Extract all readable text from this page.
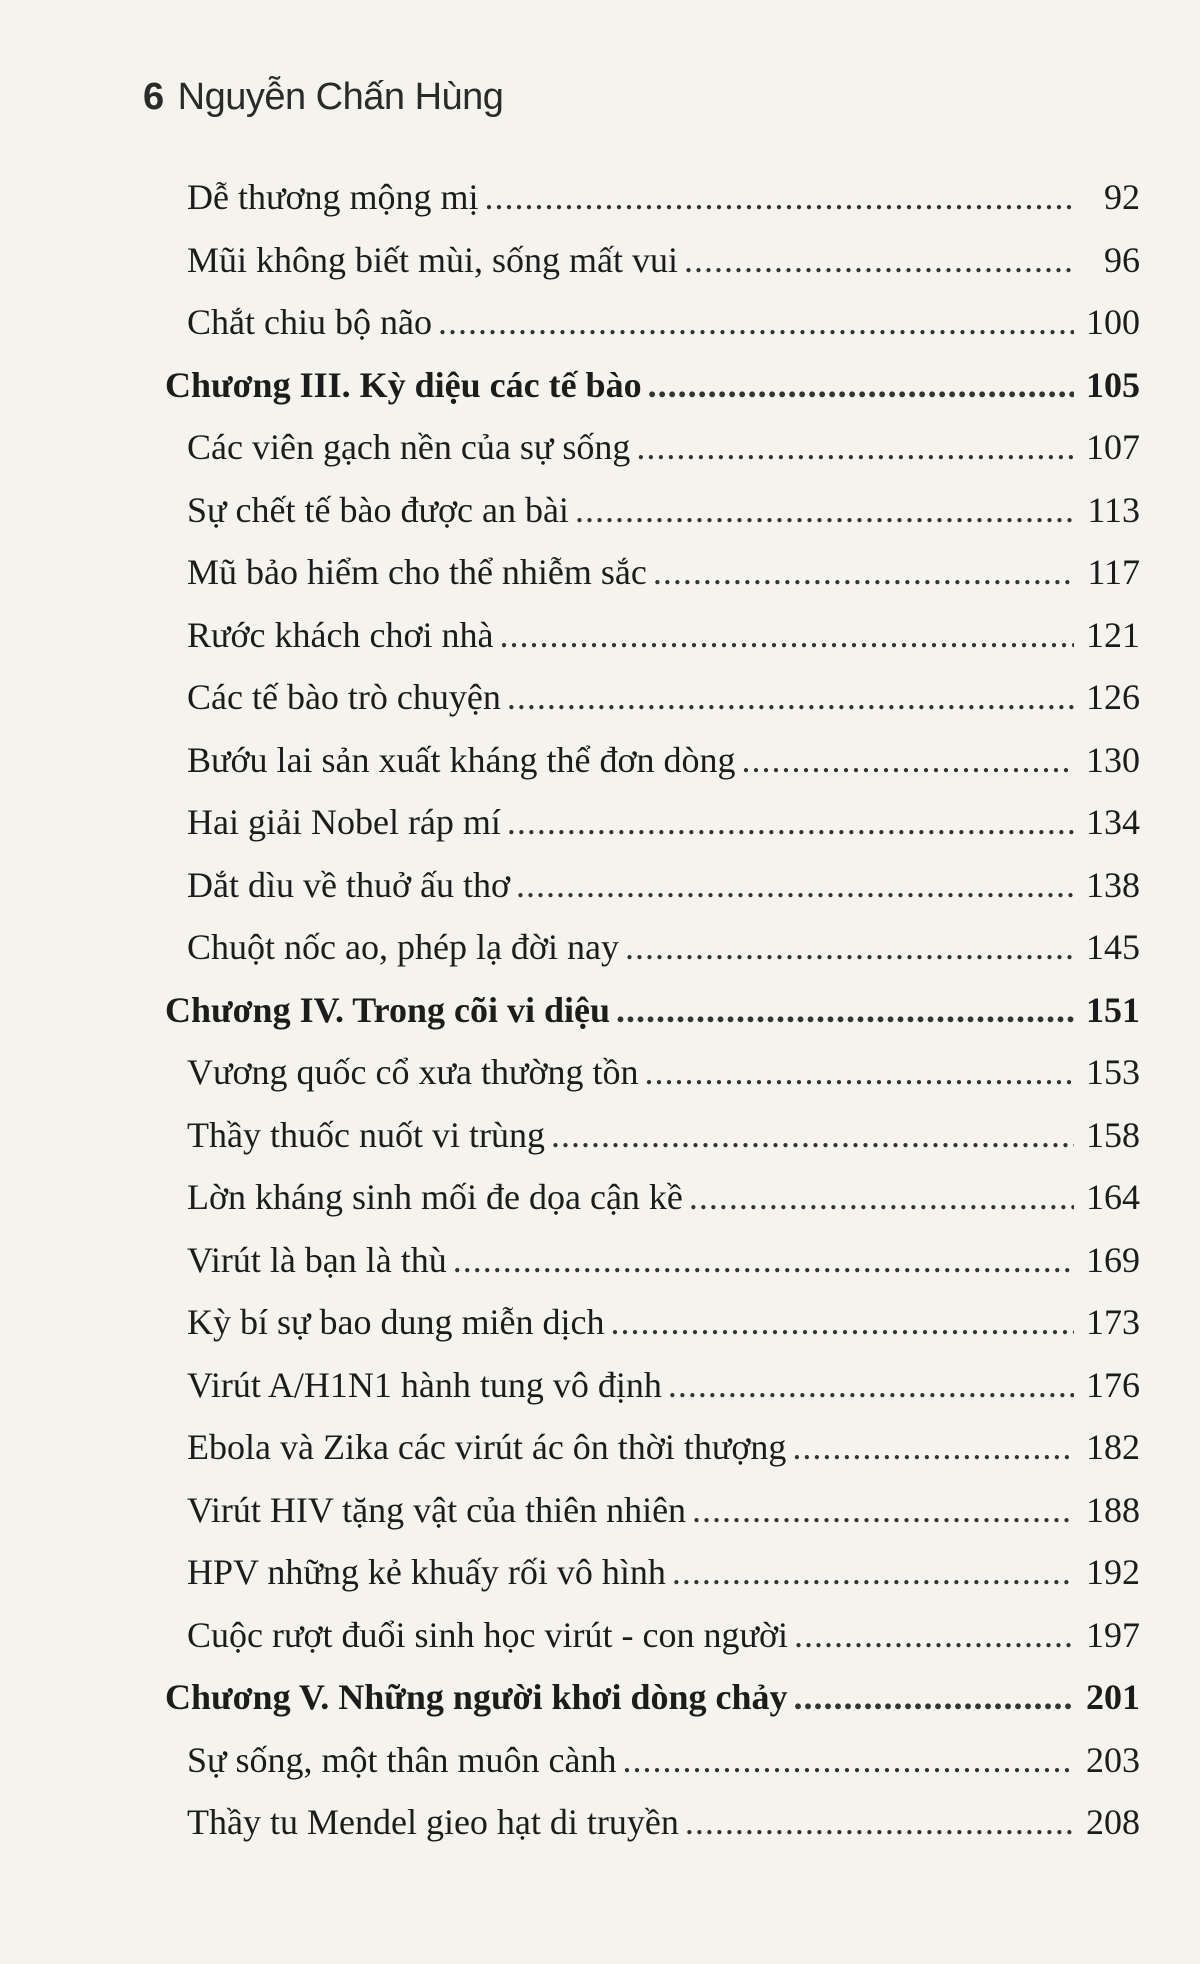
6 Nguyễn Chấn Hùng
Dễ thương mộng mị .....	92
Mũi không biết mùi, sống mất vui .....	96
Chắt chiu bộ não .....	100
Chương III. Kỳ diệu các tế bào .....	105
Các viên gạch nền của sự sống .....	107
Sự chết tế bào được an bài .....	113
Mũ bảo hiểm cho thể nhiễm sắc .....	117
Rước khách chơi nhà .....	121
Các tế bào trò chuyện .....	126
Bướu lai sản xuất kháng thể đơn dòng .....	130
Hai giải Nobel ráp mí .....	134
Dắt dìu về thuở ấu thơ .....	138
Chuột nốc ao, phép lạ đời nay .....	145
Chương IV. Trong cõi vi diệu .....	151
Vương quốc cổ xưa thường tồn .....	153
Thầy thuốc nuốt vi trùng .....	158
Lờn kháng sinh mối đe dọa cận kề .....	164
Virút là bạn là thù .....	169
Kỳ bí sự bao dung miễn dịch .....	173
Virút A/H1N1 hành tung vô định .....	176
Ebola và Zika các virút ác ôn thời thượng .....	182
Virút HIV tặng vật của thiên nhiên .....	188
HPV những kẻ khuấy rối vô hình .....	192
Cuộc rượt đuổi sinh học virút - con người .....	197
Chương V. Những người khơi dòng chảy .....	201
Sự sống, một thân muôn cành .....	203
Thầy tu Mendel gieo hạt di truyền .....	208
